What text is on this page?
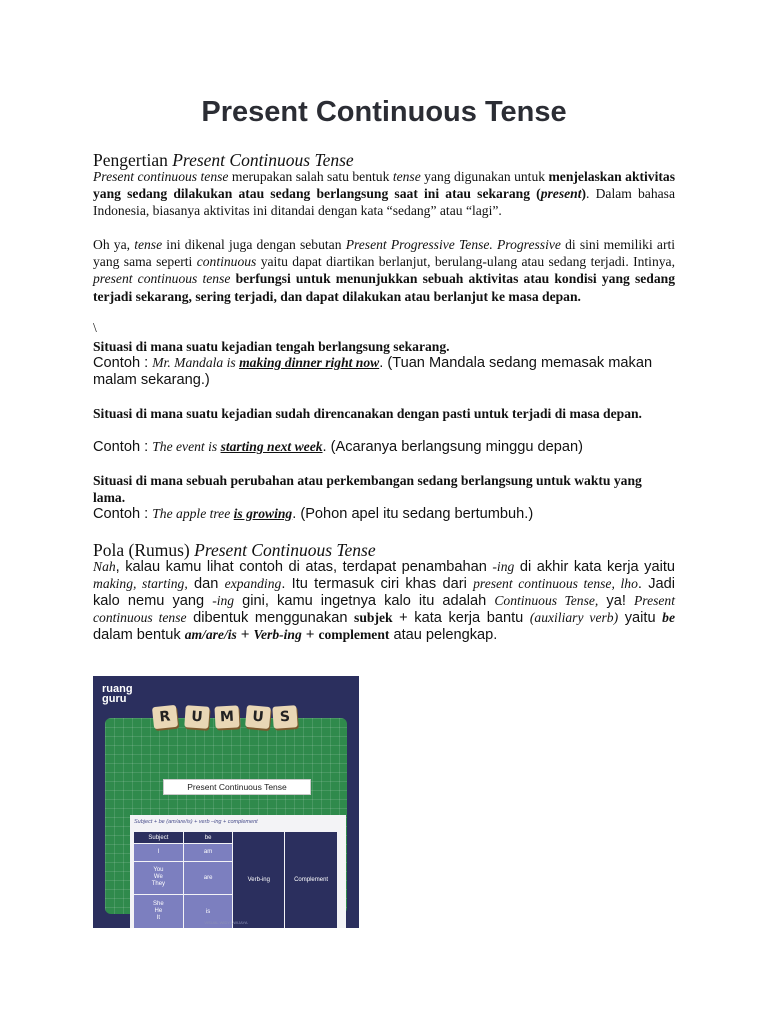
Present Continuous Tense
Pengertian Present Continuous Tense
Present continuous tense merupakan salah satu bentuk tense yang digunakan untuk menjelaskan aktivitas yang sedang dilakukan atau sedang berlangsung saat ini atau sekarang (present). Dalam bahasa Indonesia, biasanya aktivitas ini ditandai dengan kata “sedang” atau “lagi”.
Oh ya, tense ini dikenal juga dengan sebutan Present Progressive Tense. Progressive di sini memiliki arti yang sama seperti continuous yaitu dapat diartikan berlanjut, berulang-ulang atau sedang terjadi. Intinya, present continuous tense berfungsi untuk menunjukkan sebuah aktivitas atau kondisi yang sedang terjadi sekarang, sering terjadi, dan dapat dilakukan atau berlanjut ke masa depan.
\
Situasi di mana suatu kejadian tengah berlangsung sekarang.
Contoh : Mr. Mandala is making dinner right now. (Tuan Mandala sedang memasak makan malam sekarang.)
Situasi di mana suatu kejadian sudah direncanakan dengan pasti untuk terjadi di masa depan.
Contoh : The event is starting next week. (Acaranya berlangsung minggu depan)
Situasi di mana sebuah perubahan atau perkembangan sedang berlangsung untuk waktu yang lama.
Contoh : The apple tree is growing. (Pohon apel itu sedang bertumbuh.)
Pola (Rumus) Present Continuous Tense
Nah, kalau kamu lihat contoh di atas, terdapat penambahan -ing di akhir kata kerja yaitu making, starting, dan expanding. Itu termasuk ciri khas dari present continuous tense, lho. Jadi kalo nemu yang -ing gini, kamu ingetnya kalo itu adalah Continuous Tense, ya! Present continuous tense dibentuk menggunakan subjek + kata kerja bantu (auxiliary verb) yaitu be dalam bentuk am/are/is + Verb-ing + complement atau pelengkap.
ruang
guru
Present Continuous Tense
Subject + be (am/are/is) + verb –ing + complement
Subject	be	Verb-ing	Complement
I	am		
You
We
They	are		
She
He
It	is		
R	U	M	U	S
VISUAL WIDYA WIJAYA
